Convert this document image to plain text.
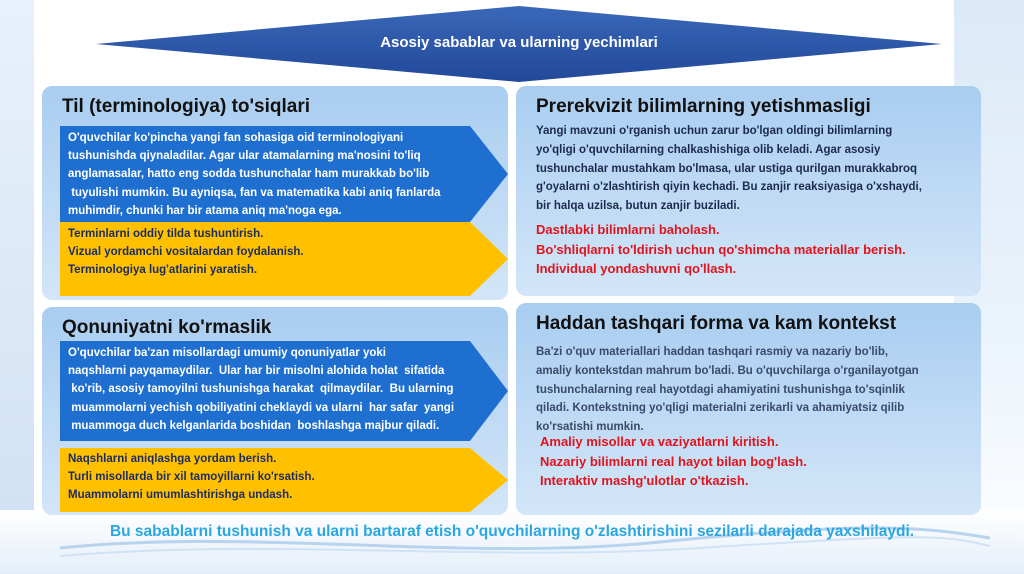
Asosiy sabablar va ularning yechimlari
Til (terminologiya) to'siqlari
O'quvchilar ko'pincha yangi fan sohasiga oid terminologiyani
tushunishda qiynaladilar. Agar ular atamalarning ma'nosini to'liq
anglamasalar, hatto eng sodda tushunchalar ham murakkab bo'lib
tuyulishi mumkin. Bu ayniqsa, fan va matematika kabi aniq fanlarda
muhimdir, chunki har bir atama aniq ma'noga ega.
Terminlarni oddiy tilda tushuntirish.
Vizual yordamchi vositalardan foydalanish.
Terminologiya lug'atlarini yaratish.
Qonuniyatni ko'rmaslik
O'quvchilar ba'zan misollardagi umumiy qonuniyatlar yoki
naqshlarni payqamaydilar.  Ular har bir misolni alohida holat  sifatida
ko'rib, asosiy tamoyilni tushunishga harakat  qilmaydilar.  Bu ularning
muammolarni yechish qobiliyatini cheklaydi va ularni  har safar  yangi
muammoga duch kelganlarida boshidan  boshlashga majbur qiladi.
Naqshlarni aniqlashga yordam berish.
Turli misollarda bir xil tamoyillarni ko'rsatish.
Muammolarni umumlashtirishga undash.
Prerekvizit bilimlarning yetishmasligi
Yangi mavzuni o'rganish uchun zarur bo'lgan oldingi bilimlarning
yo'qligi o'quvchilarning chalkashishiga olib keladi. Agar asosiy
tushunchalar mustahkam bo'lmasa, ular ustiga qurilgan murakkabroq
g'oyalarni o'zlashtirish qiyin kechadi. Bu zanjir reaksiyasiga o'xshaydi,
bir halqa uzilsa, butun zanjir buziladi.
Dastlabki bilimlarni baholash.
Bo'shliqlarni to'ldirish uchun qo'shimcha materiallar berish.
Individual yondashuvni qo'llash.
Haddan tashqari forma va kam kontekst
Ba'zi o'quv materiallari haddan tashqari rasmiy va nazariy bo'lib,
amaliy kontekstdan mahrum bo'ladi. Bu o'quvchilarga o'rganilayotgan
tushunchalarning real hayotdagi ahamiyatini tushunishga to'sqinlik
qiladi. Kontekstning yo'qligi materialni zerikarli va ahamiyatsiz qilib
ko'rsatishi mumkin.
Amaliy misollar va vaziyatlarni kiritish.
Nazariy bilimlarni real hayot bilan bog'lash.
Interaktiv mashg'ulotlar o'tkazish.
Bu sabablarni tushunish va ularni bartaraf etish o'quvchilarning o'zlashtirishini sezilarli darajada yaxshilaydi.
